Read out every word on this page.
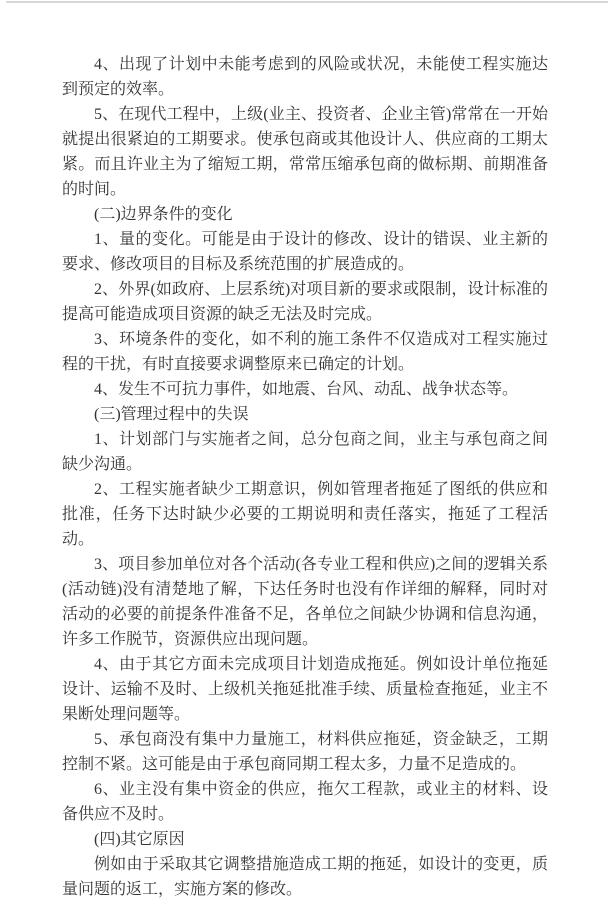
4、出现了计划中未能考虑到的风险或状况，未能使工程实施达到预定的效率。

5、在现代工程中，上级(业主、投资者、企业主管)常常在一开始就提出很紧迫的工期要求。使承包商或其他设计人、供应商的工期太紧。而且许业主为了缩短工期，常常压缩承包商的做标期、前期准备的时间。

(二)边界条件的变化

1、量的变化。可能是由于设计的修改、设计的错误、业主新的要求、修改项目的目标及系统范围的扩展造成的。

2、外界(如政府、上层系统)对项目新的要求或限制，设计标准的提高可能造成项目资源的缺乏无法及时完成。

3、环境条件的变化，如不利的施工条件不仅造成对工程实施过程的干扰，有时直接要求调整原来已确定的计划。

4、发生不可抗力事件，如地震、台风、动乱、战争状态等。

(三)管理过程中的失误

1、计划部门与实施者之间，总分包商之间，业主与承包商之间缺少沟通。

2、工程实施者缺少工期意识，例如管理者拖延了图纸的供应和批准，任务下达时缺少必要的工期说明和责任落实，拖延了工程活动。

3、项目参加单位对各个活动(各专业工程和供应)之间的逻辑关系(活动链)没有清楚地了解，下达任务时也没有作详细的解释，同时对活动的必要的前提条件准备不足，各单位之间缺少协调和信息沟通，许多工作脱节，资源供应出现问题。

4、由于其它方面未完成项目计划造成拖延。例如设计单位拖延设计、运输不及时、上级机关拖延批准手续、质量检查拖延，业主不果断处理问题等。

5、承包商没有集中力量施工，材料供应拖延，资金缺乏，工期控制不紧。这可能是由于承包商同期工程太多，力量不足造成的。

6、业主没有集中资金的供应，拖欠工程款，或业主的材料、设备供应不及时。

(四)其它原因

例如由于采取其它调整措施造成工期的拖延，如设计的变更，质量问题的返工，实施方案的修改。
